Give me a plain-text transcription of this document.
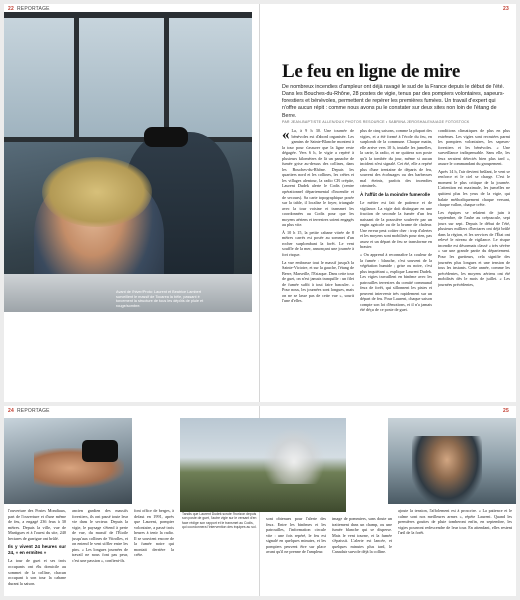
22 REPORTAGE	23
Avant de l'hiver/Proto: Laurent et Beatrice Lambert surveillent le massif de Tocarea la bêle, passant é torcement la structure de tous les dépôts de pluie et rouge/sombre.
Le feu en ligne de mire
De nombreux incendies d'ampleur ont déjà ravagé le sud de la France depuis le début de l'été. Dans les Bouches-du-Rhône, 28 postes de vigie, tenus par des pompiers volontaires, sapeurs-forestiers et bénévoles, permettent de repérer les premières fumées. Un travail d'expert qui n'offre aucun répit : comme nous avons pu le constater sur deux sites non loin de l'étang de Berre.
PAR JEAN-BAPTISTE ALLEN/DUX PHOTOS RESOURCE • SABRINA JEROSHALEVA/AGE FOTOSTOCK

« La, à 9 h 30. Une tournée de bénévoles est d'abord organisée. Les gamins de Sainte-Blanche montent à la tour pour s'assurer que la ligne reste dégagée. Vers 6 h, le vigie a repéré à plusieurs kilomètres de là un panache de fumée grise au-dessus des collines, dans les Bouches-du-Rhône. Depuis les quartiers nord et les collines, les crêtes et les villages alentour, la radio CB crépite, Laurent Dudek alerte le Codis (centre opérationnel départemental d'incendie et de secours). Sa carte topographique posée sur la table, il localise le foyer, triangule avec la tour voisine et transmet les coordonnées au Codis pour que les moyens aériens et terrestres soient engagés au plus vite.

À 10 h 15, la petite cabane vitrée de 8 mètres carrés est posée au sommet d'un rocher surplombant la forêt. Le vent souffle de la mer, annonçant une journée à fort risque.

La vue embrasse tout le massif jusqu'à la Sainte-Victoire, et sur la gauche, l'étang de Berre, Marseille, l'Estaque. Dans cette tour de guet, on n'est jamais tranquille : un filet de fumée suffit à tout faire basculer. « Pour nous, les journées sont longues, mais on ne se lasse pas de cette vue », sourit l'une d'elles.

plus de cinq saisons, comme la plupart des vigies, et a été formé à l'école du feu, en surplomb de la commune. Chaque matin, elle arrive vers 10 h, installe les jumelles, la carte, la radio, et ne quittera son poste qu'à la tombée du jour, même si aucun incident n'est signalé. Cet été, elle a repéré plus d'une trentaine de départs de feu, souvent des écobuages ou des barbecues mal éteints, parfois des incendies criminels.

À l'affût de la moindre fumerolle

Le métier est fait de patience et de vigilance. La vigie doit distinguer en une fraction de seconde la fumée d'un feu naissant de la poussière soulevée par un engin agricole ou de la brume de chaleur. Une erreur peut coûter cher : trop d'alertes et les moyens sont mobilisés pour rien, pas assez et un départ de feu se transforme en brasier.

« On apprend à reconnaître la couleur de la fumée : blanche, c'est souvent de la végétation humide ; grise ou noire, c'est plus inquiétant », explique Laurent Dudek. Les vigies travaillent en binôme avec les patrouilles terrestres du comité communal feux de forêt, qui sillonnent les pistes et peuvent intervenir très rapidement sur un départ de feu. Pour Laurent, chaque saison compte son lot d'émotions, et il n'a jamais été déçu de ce poste de guet.

conditions climatiques de plus en plus extrêmes. Les vigies sont recrutées parmi les pompiers volontaires, les sapeurs-forestiers et les bénévoles. « Une surveillance indispensable. Sans elle, les feux seraient détectés bien plus tard », assure le commandant du groupement.

Après 14 h, l'air devient brûlant, le vent se renforce et le ciel se charge. C'est le moment le plus critique de la journée. L'attention est maximale, les jumelles ne quittent plus les yeux de la vigie, qui balaie méthodiquement chaque versant, chaque vallon, chaque crête.

Les équipes se relaient de juin à septembre, de l'aube au crépuscule, sept jours sur sept. Depuis le début de l'été, plusieurs milliers d'hectares ont déjà brûlé dans la région, et les services de l'État ont relevé le niveau de vigilance. Le risque incendie est désormais classé « très sévère » sur une grande partie du département. Pour les guetteurs, cela signifie des journées plus longues et une tension de tous les instants. Cette année, comme les précédentes, les moyens aériens ont été mobilisés dès le mois de juillet. « Les journées précédentes,

24 REPORTAGE	25
Tandis que Laurent Dudek scrute l'horizon depuis son poste de guet, l'autre vigie sur le versant d'en face rédige son rapport et le transmet au Codis, qui coordonnera l'intervention des équipes au sol.

l'ouverture des Postes Mondiaux, part de l'ouverture et d'une même de feu, a engagé 236 feux à 30 mètres. Depuis la ville, vue de Martigues et à l'ouest du site, 240 hectares de garrigue ont brûlé.

Ils y vivent 24 heures sur 24, « en ermites »

La tour de guet et ses trois occupants ont élu domicile au sommet de la colline, chacun occupant à son tour la cabane durant la saison.

ancien gardien des massifs forestiers, ils ont passé toute leur vie dans le secteur. Depuis la vigie, le paysage s'étend à perte de vue, du massif de l'Étoile jusqu'aux collines de Vitrolles, et on entend le vent siffler entre les pins. « Les longues journées de travail ne nous font pas peur, c'est une passion », confient-ils.

font office de berges, à defaut en 1991, après que Laurent, pompier volontaire, a passé trois heures à tenir la radio. Il se souvient encore de la fumée noire qui montait derrière la crête.

sont obtenues pour l'alerte des feux. Entre les binômes et les patrouilles, l'information circule vite : une fois repéré, le feu est signalé en quelques minutes, et les pompiers peuvent être sur place avant qu'il ne prenne de l'ampleur.

image de pommiers, sans doute un traitement dans un champ, ou une fumée blanche qui se disperse. Mais le vent tourne, et la fumée s'épaissit. L'alerte est lancée, et quelques minutes plus tard, le Canadair survole déjà la colline.

ajoute la tension, l'affolement est à proscrire. « La patience et le calme sont nos meilleures armes », répète Laurent. Quand les premières gouttes de pluie tomberont enfin, en septembre, les vigies pourront redescendre de leur tour. En attendant, elles restent l'œil de la forêt.
